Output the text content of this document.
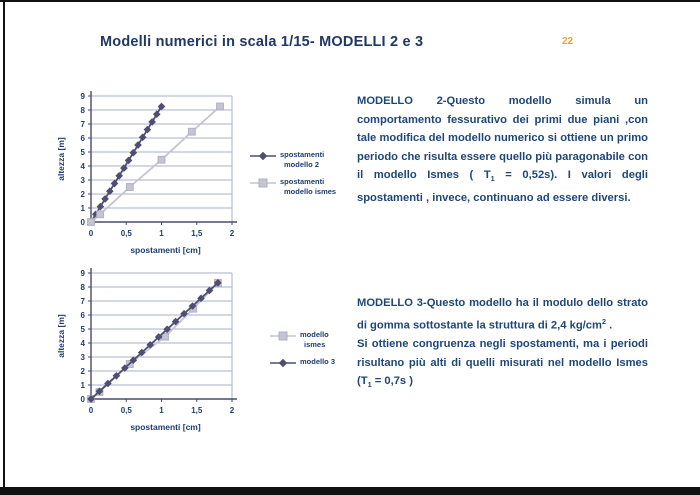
Modelli numerici in scala 1/15- MODELLI 2 e 3	22
0
1
2
3
4
5
6
7
8
9
0	0,5	1	1,5	2
altezza [m]
spostamenti [cm]
0
1
2
3
4
5
6
7
8
9
0	0,5	1	1,5	2
altezza [m]
spostamenti [cm]
spostamenti
modello 2
spostamenti
modello ismes
modello
ismes
modello 3

MODELLO 2-Questo modello simula un comportamento fessurativo dei primi due piani ,con tale modifica del modello numerico si ottiene un primo periodo che risulta essere quello più paragonabile con il modello Ismes ( $T_1 = 0,52s$). I valori degli spostamenti , invece, continuano ad essere diversi.

MODELLO 3-Questo modello ha il modulo dello strato di gomma sottostante la struttura di 2,4 $kg/cm^2$ .

Si ottiene congruenza negli spostamenti, ma i periodi risultano più alti di quelli misurati nel modello Ismes ($T_1 = 0,7s$ )
